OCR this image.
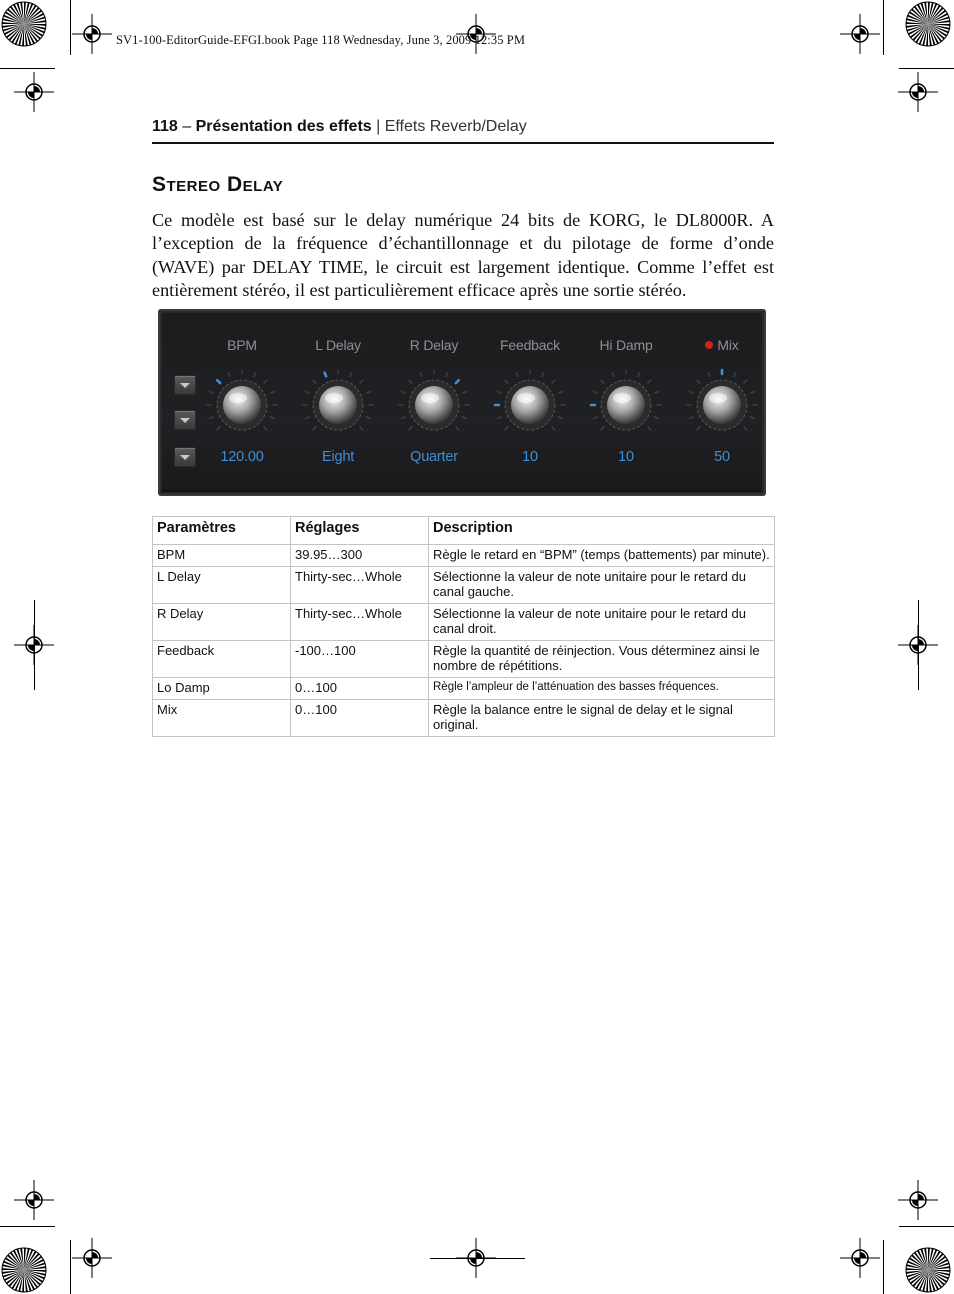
SV1-100-EditorGuide-EFGI.book Page 118 Wednesday, June 3, 2009 12:35 PM
118 – Présentation des effets | Effets Reverb/Delay
Stereo Delay
Ce modèle est basé sur le delay numérique 24 bits de KORG, le DL8000R. A l’exception de la fréquence d’échantillonnage et du pilotage de forme d’onde (WAVE) par DELAY TIME, le circuit est largement identique. Comme l’effet est entièrement stéréo, il est particulièrement efficace après une sortie stéréo.
BPM
120.00
L Delay
Eight
R Delay
Quarter
Feedback
10
Hi Damp
10
Mix
50
Paramètres	Réglages	Description
BPM	39.95…300	Règle le retard en “BPM” (temps (battements) par minute).
L Delay	Thirty-sec…Whole	Sélectionne la valeur de note unitaire pour le retard du canal gauche.
R Delay	Thirty-sec…Whole	Sélectionne la valeur de note unitaire pour le retard du canal droit.
Feedback	-100…100	Règle la quantité de réinjection. Vous déterminez ainsi le nombre de répétitions.
Lo Damp	0…100	Règle l’ampleur de l’atténuation des basses fréquences.
Mix	0…100	Règle la balance entre le signal de delay et le signal original.
